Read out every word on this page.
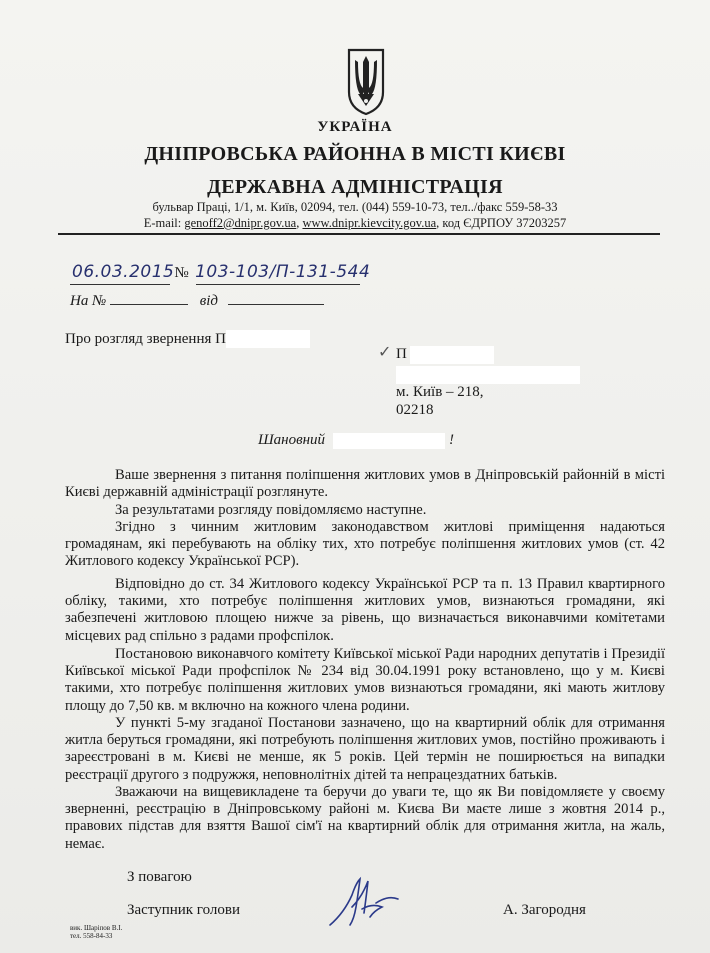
УКРАЇНА
ДНІПРОВСЬКА РАЙОННА В МІСТІ КИЄВІ
ДЕРЖАВНА АДМІНІСТРАЦІЯ
бульвар Праці, 1/1, м. Київ, 02094, тел. (044) 559-10-73, тел../факс 559-58-33
E-mail: genoff2@dnipr.gov.ua, www.dnipr.kievcity.gov.ua, код ЄДРПОУ 37203257
06.03.2015№ 103-103/П-131-544
На №	від
Про розгляд звернення П
✓ П
м. Київ – 218,
02218
Шановний	!

Ваше звернення з питання поліпшення житлових умов в Дніпровській районній в місті Києві державній адміністрації розглянуте.

За результатами розгляду повідомляємо наступне.

Згідно з чинним житловим законодавством житлові приміщення надаються громадянам, які перебувають на обліку тих, хто потребує поліпшення житлових умов (ст. 42 Житлового кодексу Української РСР).

Відповідно до ст. 34 Житлового кодексу Української РСР та п. 13 Правил квартирного обліку, такими, хто потребує поліпшення житлових умов, визнаються громадяни, які забезпечені житловою площею нижче за рівень, що визначається виконавчими комітетами місцевих рад спільно з радами профспілок.

Постановою виконавчого комітету Київської міської Ради народних депутатів і Президії Київської міської Ради профспілок № 234 від 30.04.1991 року встановлено, що у м. Києві такими, хто потребує поліпшення житлових умов визнаються громадяни, які мають житлову площу до 7,50 кв. м включно на кожного члена родини.

У пункті 5-му згаданої Постанови зазначено, що на квартирний облік для отримання житла беруться громадяни, які потребують поліпшення житлових умов, постійно проживають і зареєстровані в м. Києві не менше, як 5 років. Цей термін не поширюється на випадки реєстрації другого з подружжя, неповнолітніх дітей та непрацездатних батьків.

Зважаючи на вищевикладене та беручи до уваги те, що як Ви повідомляєте у своєму зверненні, реєстрацію в Дніпровському районі м. Києва Ви маєте лише з жовтня 2014 р., правових підстав для взяття Вашої сім'ї на квартирний облік для отримання житла, на жаль, немає.

З повагою
Заступник голови	А. Загородня
вик. Шаріпов В.І.
тел. 558-84-33
